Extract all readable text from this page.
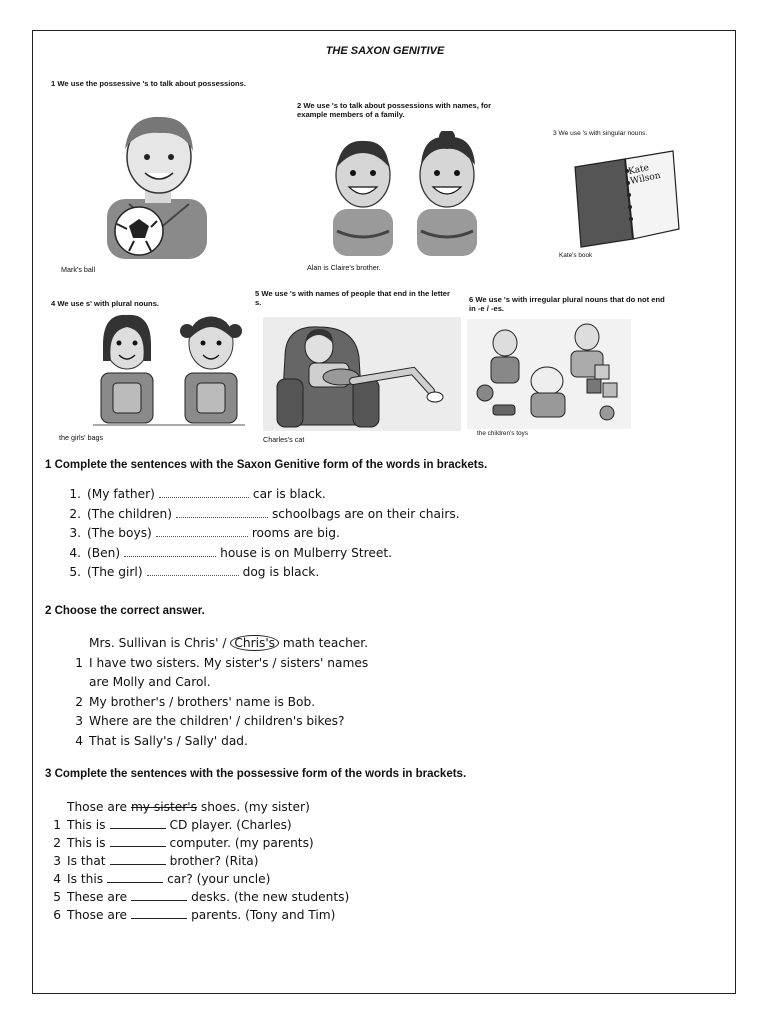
THE SAXON GENITIVE
1 We use the possessive 's to talk about possessions.
Mark's ball
2 We use 's to talk about possessions with names, for example members of a family.
Alan is Claire's brother.
3 We use 's with singular nouns.
Kate Wilson
Kate's book
4 We use s' with plural nouns.
the girls' bags
5 We use 's with names of people that end in the letter s.
Charles's cat
6 We use 's with irregular plural nouns that do not end in -e / -es.
the children's toys
1 Complete the sentences with the Saxon Genitive form of the words in brackets.
1. (My father)	car is black.
2. (The children)	schoolbags are on their chairs.
3. (The boys)	rooms are big.
4. (Ben)	house is on Mulberry Street.
5. (The girl)	dog is black.
2 Choose the correct answer.
Mrs. Sullivan is Chris' / Chris's math teacher.
1 I have two sisters. My sister's / sisters' names
are Molly and Carol.
2 My brother's / brothers' name is Bob.
3 Where are the children' / children's bikes?
4 That is Sally's / Sally' dad.
3 Complete the sentences with the possessive form of the words in brackets.
Those are my sister's shoes. (my sister)
1 This is	CD player. (Charles)
2 This is	computer. (my parents)
3 Is that	brother? (Rita)
4 Is this	car? (your uncle)
5 These are	desks. (the new students)
6 Those are	parents. (Tony and Tim)
